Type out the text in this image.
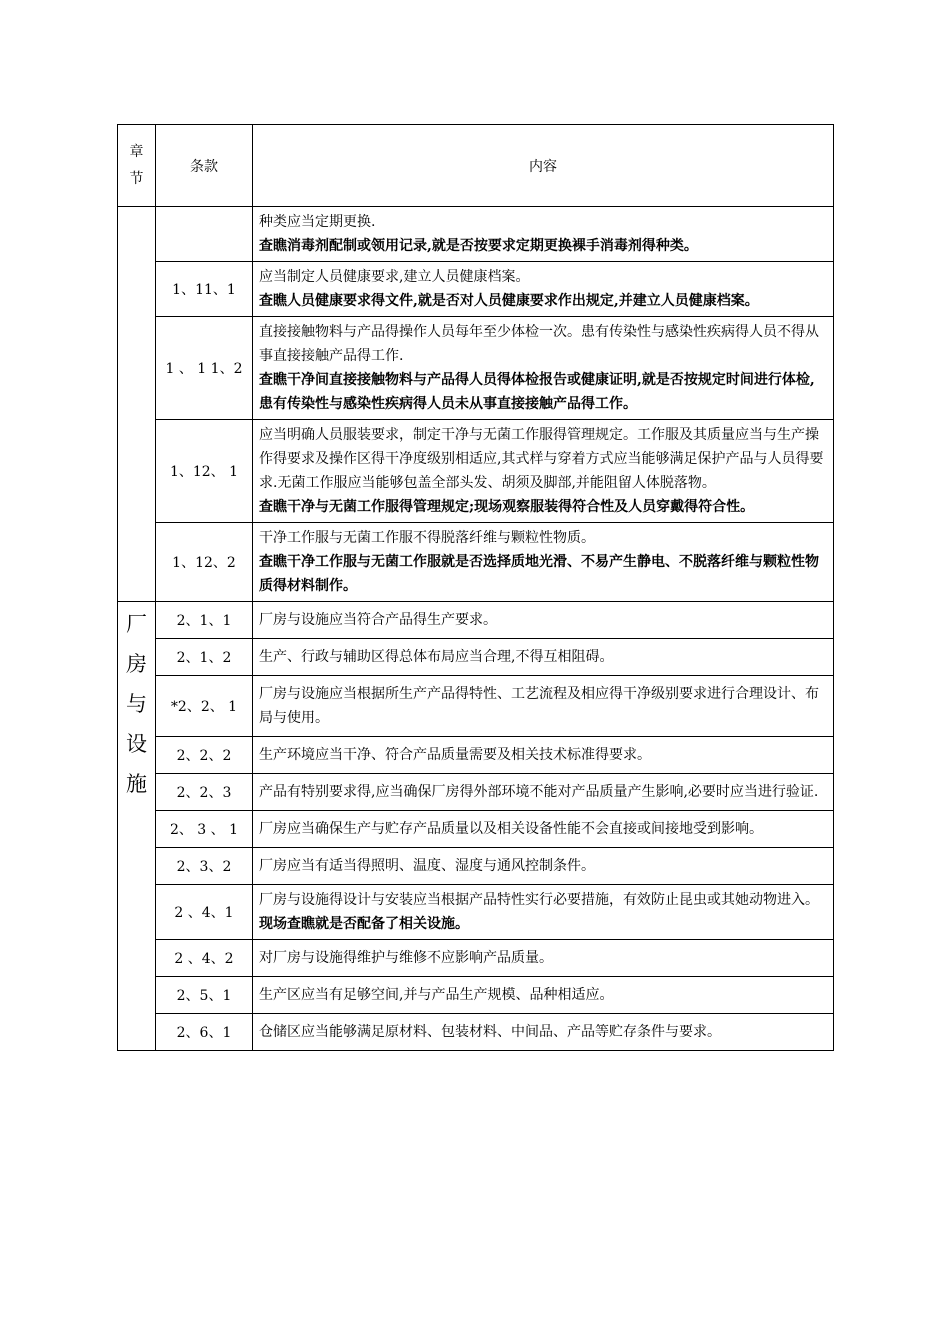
章节	条款	内容

		种类应当定期更换.

查瞧消毒剂配制或领用记录,就是否按要求定期更换裸手消毒剂得种类。

	1、11、1	应当制定人员健康要求,建立人员健康档案。

查瞧人员健康要求得文件,就是否对人员健康要求作出规定,并建立人员健康档案。

	1 、 1 1、2	直接接触物料与产品得操作人员每年至少体检一次。患有传染性与感染性疾病得人员不得从事直接接触产品得工作.

查瞧干净间直接接触物料与产品得人员得体检报告或健康证明,就是否按规定时间进行体检,患有传染性与感染性疾病得人员未从事直接接触产品得工作。

	1、12、 1	应当明确人员服装要求，制定干净与无菌工作服得管理规定。工作服及其质量应当与生产操作得要求及操作区得干净度级别相适应,其式样与穿着方式应当能够满足保护产品与人员得要求.无菌工作服应当能够包盖全部头发、胡须及脚部,并能阻留人体脱落物。

查瞧干净与无菌工作服得管理规定;现场观察服装得符合性及人员穿戴得符合性。

	1、12、2	干净工作服与无菌工作服不得脱落纤维与颗粒性物质。

查瞧干净工作服与无菌工作服就是否选择质地光滑、不易产生静电、不脱落纤维与颗粒性物质得材料制作。

厂房与设施	2、1、1	厂房与设施应当符合产品得生产要求。

	2、1、2	生产、行政与辅助区得总体布局应当合理,不得互相阻碍。

	*2、2、 1	厂房与设施应当根据所生产产品得特性、工艺流程及相应得干净级别要求进行合理设计、布局与使用。

	2、2、2	生产环境应当干净、符合产品质量需要及相关技术标准得要求。

	2、2、3	产品有特别要求得,应当确保厂房得外部环境不能对产品质量产生影响,必要时应当进行验证.

	2、 3 、 1	厂房应当确保生产与贮存产品质量以及相关设备性能不会直接或间接地受到影响。

	2、3、2	厂房应当有适当得照明、温度、湿度与通风控制条件。

	2 、4、1	厂房与设施得设计与安装应当根据产品特性实行必要措施，有效防止昆虫或其她动物进入。

现场查瞧就是否配备了相关设施。

	2 、4、2	对厂房与设施得维护与维修不应影响产品质量。

	2、5、1	生产区应当有足够空间,并与产品生产规模、品种相适应。

	2、6、1	仓储区应当能够满足原材料、包装材料、中间品、产品等贮存条件与要求。
